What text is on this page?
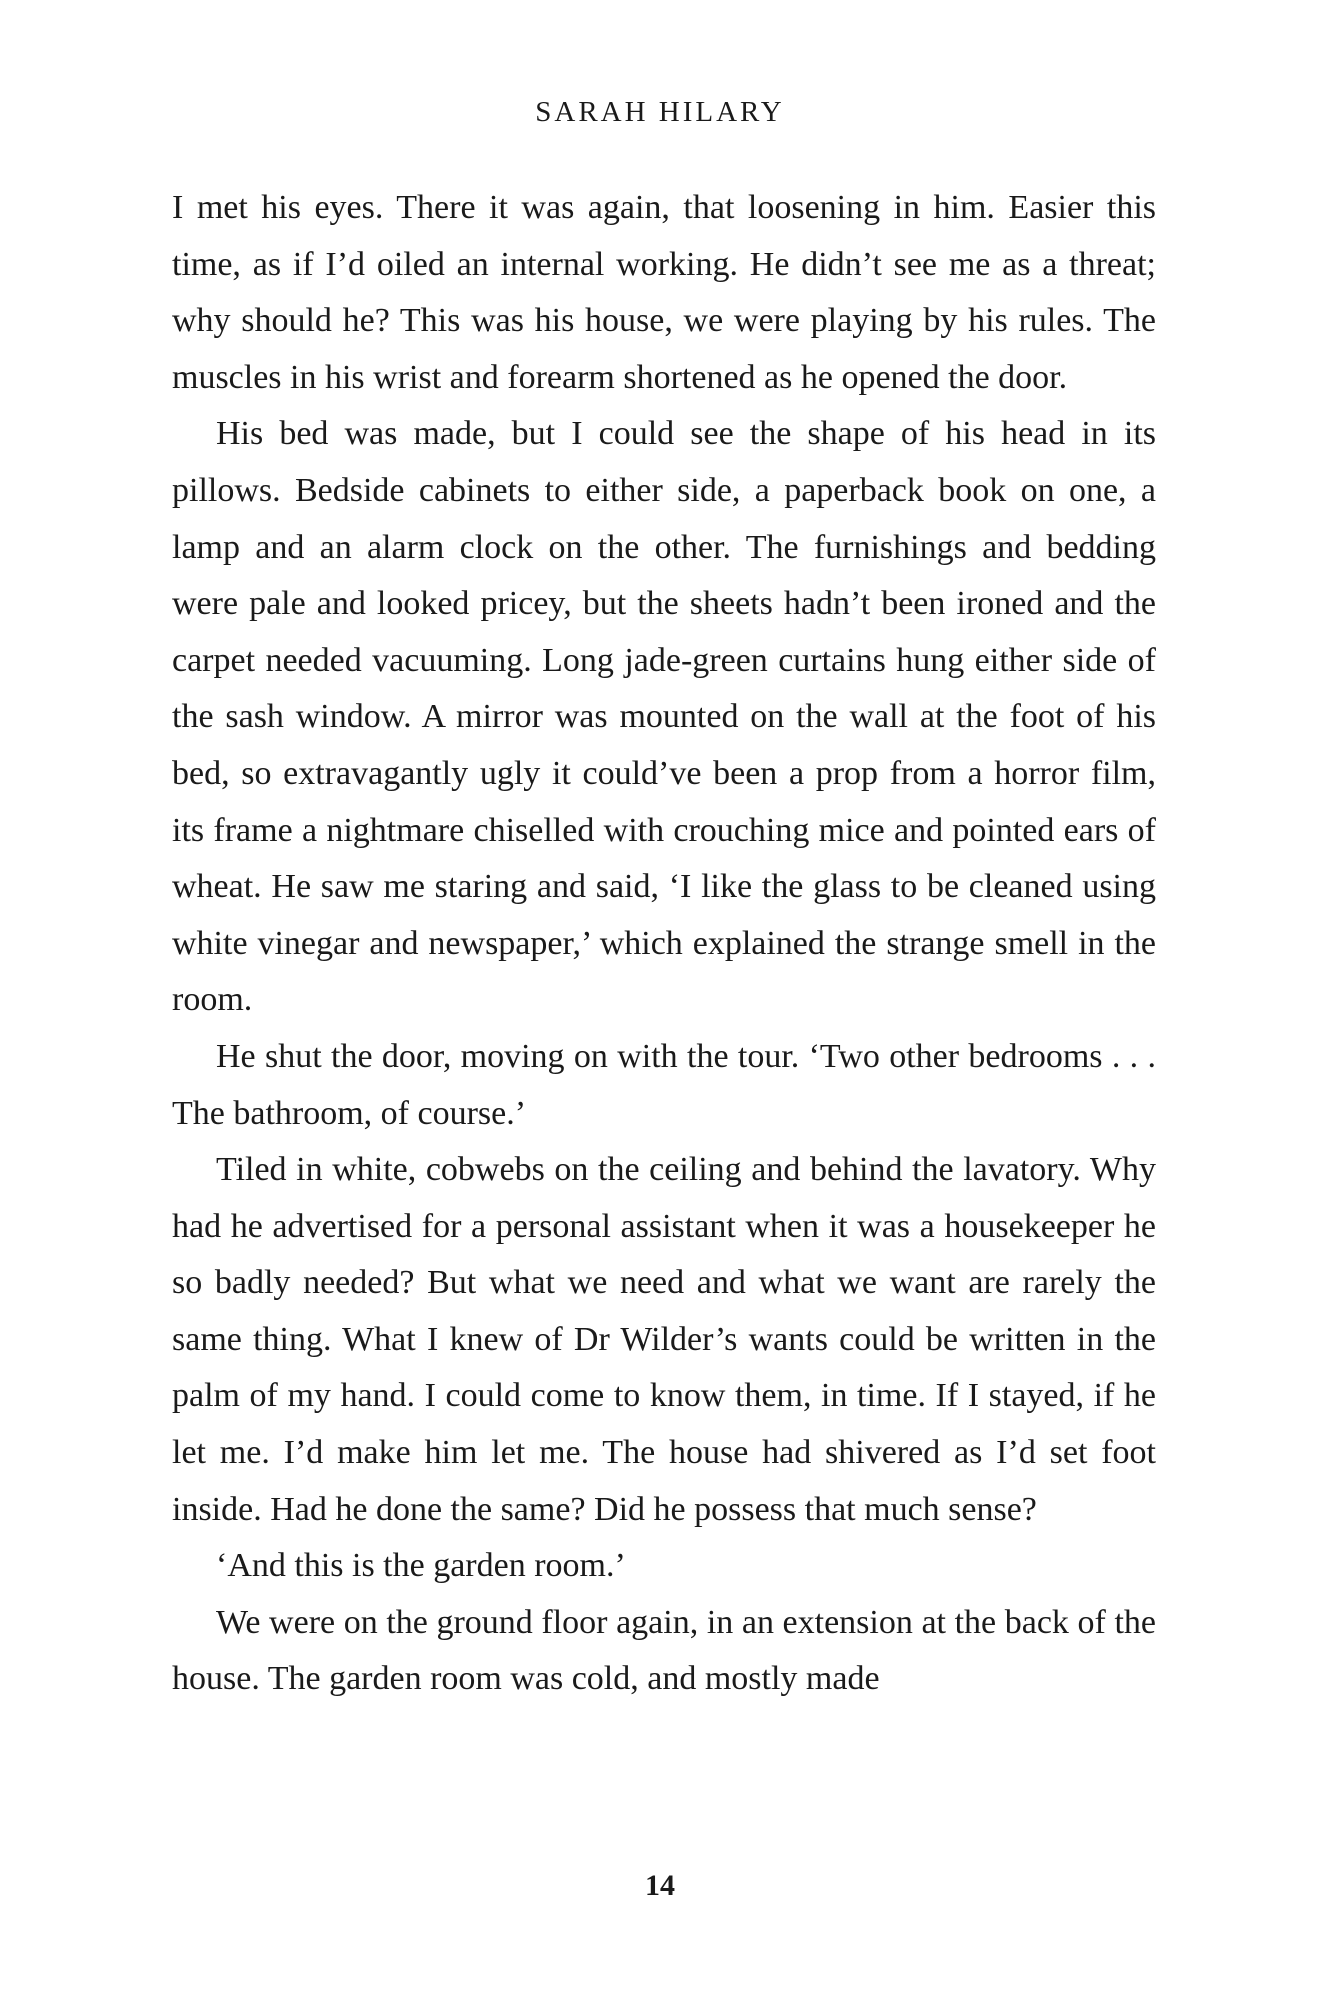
SARAH HILARY

I met his eyes. There it was again, that loosening in him. Easier this time, as if I’d oiled an internal working. He didn’t see me as a threat; why should he? This was his house, we were playing by his rules. The muscles in his wrist and forearm shortened as he opened the door.

His bed was made, but I could see the shape of his head in its pillows. Bedside cabinets to either side, a paperback book on one, a lamp and an alarm clock on the other. The furnishings and bedding were pale and looked pricey, but the sheets hadn’t been ironed and the carpet needed vacuuming. Long jade-green curtains hung either side of the sash window. A mirror was mounted on the wall at the foot of his bed, so extravagantly ugly it could’ve been a prop from a horror film, its frame a nightmare chiselled with crouching mice and pointed ears of wheat. He saw me staring and said, ‘I like the glass to be cleaned using white vinegar and newspaper,’ which explained the strange smell in the room.

He shut the door, moving on with the tour. ‘Two other bedrooms . . . The bathroom, of course.’

Tiled in white, cobwebs on the ceiling and behind the lavatory. Why had he advertised for a personal assistant when it was a housekeeper he so badly needed? But what we need and what we want are rarely the same thing. What I knew of Dr Wilder’s wants could be written in the palm of my hand. I could come to know them, in time. If I stayed, if he let me. I’d make him let me. The house had shivered as I’d set foot inside. Had he done the same? Did he possess that much sense?

‘And this is the garden room.’

We were on the ground floor again, in an extension at the back of the house. The garden room was cold, and mostly made

14
